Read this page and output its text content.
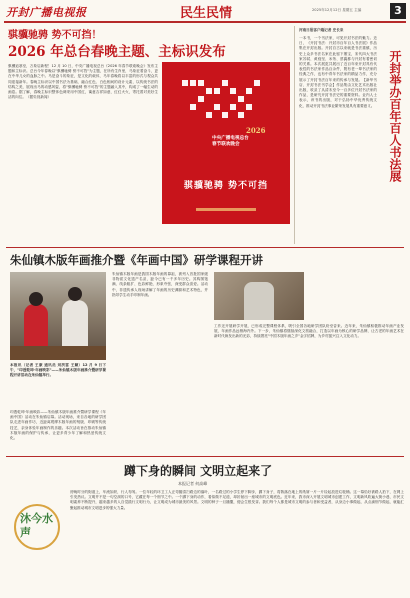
开封广播电视报	民生民情	2025年12月12日 星期五 主编	3
骐骥驰骋 势不可挡！
2026 年总台春晚主题、主标识发布
骐骥追寒至，万象启新程！12 月 10 日，中央广播电视总台《2026 年春节联欢晚会》发布主题和主标识。总台今年春晚以"骐骥驰骋 势不可挡"为主题，在所有生肖里，马象征着奋斗，更在中华儿女的血脉之中。马是奋斗的象征，是文化的载体，马年春晚将以丰富的形式与观众共同迎接新年。春晚主标识以中国书法为基础，融合红色、白色相间的设计元素，以传统书法的结构之美，展现出马的动感风姿，将"骐骥驰骋 势不可挡"的主题融入其中，构成了一幅生动的画卷。据了解，春晚主标识整体色调采用中国红，寓意吉祥如意、红红火火，寄托着对美好生活的向往。（据央视新闻）
2026
中央广播电视总台
春节联欢晚会
骐骥驰骋 势不可挡
河南日报客户端记者 史长来
一本书，一个书法家，可见开封书法的魅力。近日，《开封书法：开封市百年百人书法展》作品集在开封出版。开封自古以来就是书法重镇，历史上众多书法名家在此留下墨宝，宋代四大书法家苏轼、黄庭坚、米芾、蔡襄都与开封有着密切的关系。本次展览共展出了近百年来开封具有代表性的书法家作品百余件，既有老一辈书法家的经典之作，也有中青年书法家的精品力作，充分展示了开封书法百年来的传承与发展。【新华书店、开封书法书学会】作品集由文化艺术出版社出版，收录了从清末至今一百多位开封书法家的作品，是研究开封书法史的重要资料。业内人士表示，该书的出版，对于弘扬中华优秀传统文化、推动开封书法事业繁荣发展具有重要意义。	开封举办百年百人书法展
朱仙镇木版年画推介暨《年画中国》研学课程开讲
本报讯（记者 王康 通讯员 刘洪雷 王颖）12 月 9 日下午，"印透乾坤·年画映彩"——朱仙镇木版年画推介暨研学课程开讲活动在朱仙镇举行。
印透乾坤·年画映彩——朱仙镇木版年画推介暨研学课程《年画中国》活动在朱仙镇启幕。活动现场，来自各地的研学团队走进年画作坊，近距离观摩木版年画的刻版、印刷等传统技艺，亲身体验年画制作的乐趣。本次活动旨在推动朱仙镇木版年画的保护与传承，让更多青少年了解和热爱传统文化。
朱仙镇木版年画是我国木版年画的鼻祖，被列入首批国家级非物质文化遗产名录，距今已有一千多年历史。其构图饱满、线条粗犷、色彩鲜艳、形象夸张，深受群众喜爱。活动中，非遗传承人现场讲解了年画的历史渊源和艺术特色，并指导学生动手印制年画。
工作还开展研学开展，已形成完整课程体系，吸引全国各地研学团队纷至沓来。近年来，朱仙镇积极推动年画产业发展，年画作品远销海内外。下一步，朱仙镇将继续深化文旅融合，打造以年画为核心的研学品牌，让古老的年画艺术在新时代焕发出新的光彩，持续擦亮"中国木版年画之乡"金字招牌，为乡村振兴注入文化动力。
蹲下身的瞬间 文明立起来了
本报记者 何高峰
沐今水声
傍晚时分的街道上，车流如织，行人匆匆。一位年轻的环卫工人正弯腰清扫路边的落叶，一名路过的小学生停下脚步，蹲下身子，将散落在地上的纸屑一片一片捡起放进垃圾桶。这一幕恰好被路人拍下，在网上引发热议。文明并不是一句空洞的口号，它藏在每一个细节之中。一个蹲下身的动作，看似微不足道，却折射出一座城市的文明底色。近年来，我市深入开展文明城市创建工作，文明新风吹遍大街小巷，市民文明素养不断提升，越来越多的人自觉践行文明行为，让文明成为城市最美的风景。文明的种子一旦播撒，便会生根发芽。我们每个人都是城市文明的参与者和受益者，从身边小事做起，从点滴细节做起，就能汇聚起推动城市文明进步的强大力量。
